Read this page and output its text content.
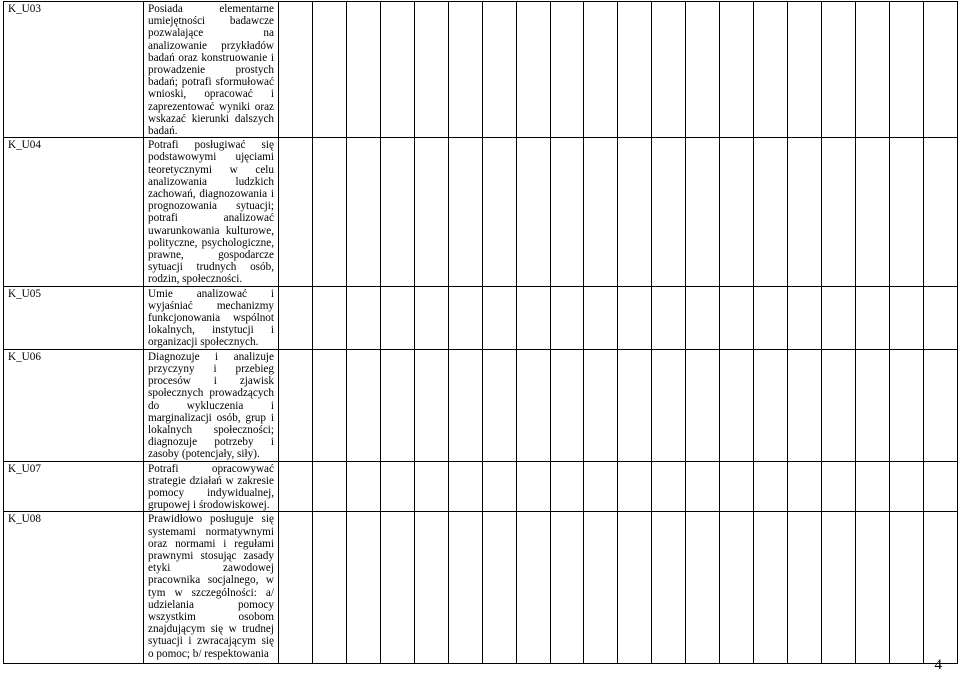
K_U03	Posiada elementarne umiejętności badawcze pozwalające na analizowanie przykładów badań oraz konstruowanie i prowadzenie prostych badań; potrafi sformułować wnioski, opracować i zaprezentować wyniki oraz wskazać kierunki dalszych badań.																				

K_U04	Potrafi posługiwać się podstawowymi ujęciami teoretycznymi w celu analizowania ludzkich zachowań, diagnozowania i prognozowania sytuacji; potrafi analizować uwarunkowania kulturowe, polityczne, psychologiczne, prawne, gospodarcze sytuacji trudnych osób, rodzin, społeczności.																				

K_U05	Umie analizować i wyjaśniać mechanizmy funkcjonowania wspólnot lokalnych, instytucji i organizacji społecznych.																				

K_U06	Diagnozuje i analizuje przyczyny i przebieg procesów i zjawisk społecznych prowadzących do wykluczenia i marginalizacji osób, grup i lokalnych społeczności; diagnozuje potrzeby i zasoby (potencjały, siły).																				

K_U07	Potrafi opracowywać strategie działań w zakresie pomocy indywidualnej, grupowej i środowiskowej.																				

K_U08	Prawidłowo posługuje się systemami normatywnymi oraz normami i regułami prawnymi stosując zasady etyki zawodowej pracownika socjalnego, w tym w szczególności: a/ udzielania pomocy wszystkim osobom znajdującym się w trudnej sytuacji i zwracającym się o pomoc; b/ respektowania																				

4
